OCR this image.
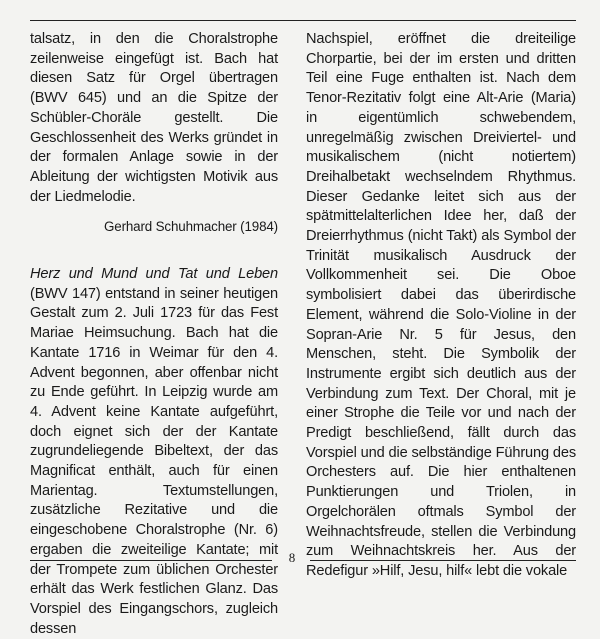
talsatz, in den die Choralstrophe zeilenweise eingefügt ist. Bach hat diesen Satz für Orgel übertragen (BWV 645) und an die Spitze der Schübler-Choräle gestellt. Die Geschlossenheit des Werks gründet in der formalen Anlage sowie in der Ableitung der wichtigsten Motivik aus der Liedmelodie.

Gerhard Schuhmacher (1984)

Herz und Mund und Tat und Leben (BWV 147) entstand in seiner heutigen Gestalt zum 2. Juli 1723 für das Fest Mariae Heimsuchung. Bach hat die Kantate 1716 in Weimar für den 4. Advent begonnen, aber offenbar nicht zu Ende geführt. In Leipzig wurde am 4. Advent keine Kantate aufgeführt, doch eignet sich der der Kantate zugrundeliegende Bibeltext, der das Magnificat enthält, auch für einen Marientag. Textumstellungen, zusätzliche Rezitative und die eingeschobene Choralstrophe (Nr. 6) ergaben die zweiteilige Kantate; mit der Trompete zum üblichen Orchester erhält das Werk festlichen Glanz. Das Vorspiel des Eingangschors, zugleich dessen

Nachspiel, eröffnet die dreiteilige Chorpartie, bei der im ersten und dritten Teil eine Fuge enthalten ist. Nach dem Tenor-Rezitativ folgt eine Alt-Arie (Maria) in eigentümlich schwebendem, unregelmäßig zwischen Dreiviertel- und musikalischem (nicht notiertem) Dreihalbetakt wechselndem Rhythmus. Dieser Gedanke leitet sich aus der spätmittelalterlichen Idee her, daß der Dreierrhythmus (nicht Takt) als Symbol der Trinität musikalisch Ausdruck der Vollkommenheit sei. Die Oboe symbolisiert dabei das überirdische Element, während die Solo-Violine in der Sopran-Arie Nr. 5 für Jesus, den Menschen, steht. Die Symbolik der Instrumente ergibt sich deutlich aus der Verbindung zum Text. Der Choral, mit je einer Strophe die Teile vor und nach der Predigt beschließend, fällt durch das Vorspiel und die selbständige Führung des Orchesters auf. Die hier enthaltenen Punktierungen und Triolen, in Orgelchorälen oftmals Symbol der Weihnachtsfreude, stellen die Verbindung zum Weihnachtskreis her. Aus der Redefigur »Hilf, Jesu, hilf« lebt die vokale

8
